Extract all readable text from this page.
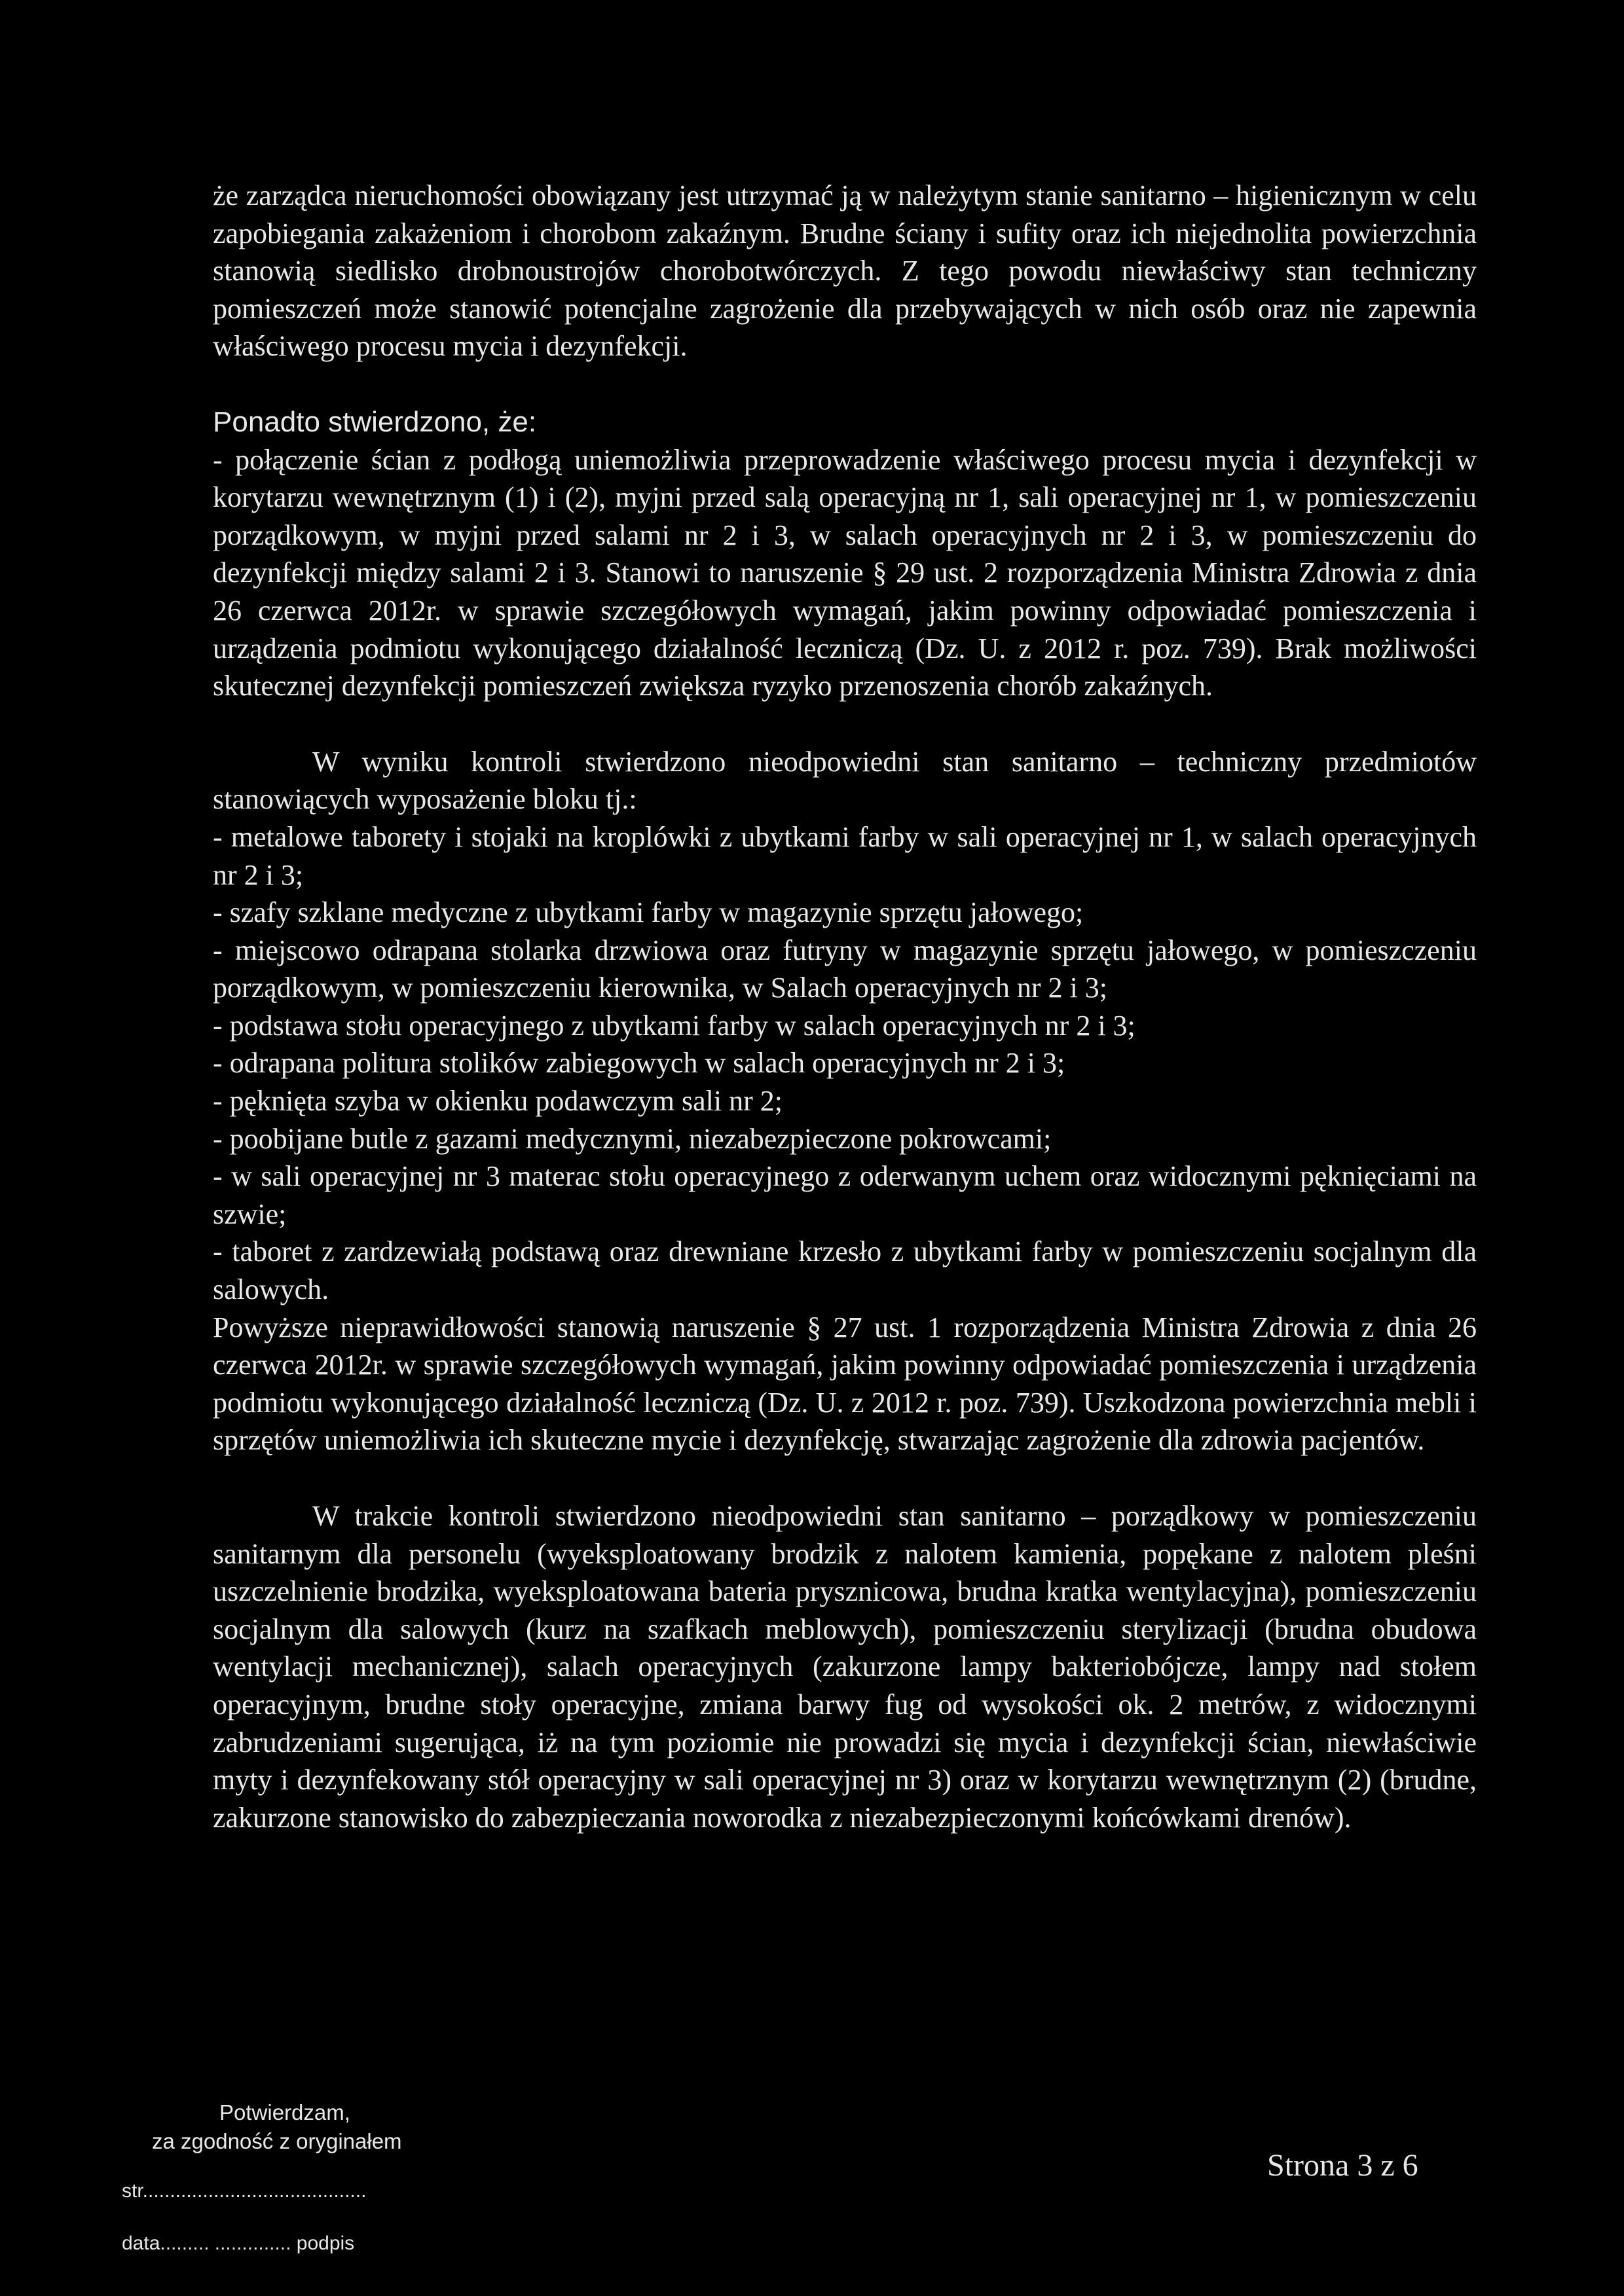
że zarządca nieruchomości obowiązany jest utrzymać ją w należytym stanie sanitarno – higienicznym w celu zapobiegania zakażeniom i chorobom zakaźnym. Brudne ściany i sufity oraz ich niejednolita powierzchnia stanowią siedlisko drobnoustrojów chorobotwórczych. Z tego powodu niewłaściwy stan techniczny pomieszczeń może stanowić potencjalne zagrożenie dla przebywających w nich osób oraz nie zapewnia właściwego procesu mycia i dezynfekcji.

Ponadto stwierdzono, że:

- połączenie ścian z podłogą uniemożliwia przeprowadzenie właściwego procesu mycia i dezynfekcji w korytarzu wewnętrznym (1) i (2), myjni przed salą operacyjną nr 1, sali operacyjnej nr 1, w pomieszczeniu porządkowym, w myjni przed salami nr 2 i 3, w salach operacyjnych nr 2 i 3, w pomieszczeniu do dezynfekcji między salami 2 i 3. Stanowi to naruszenie § 29 ust. 2 rozporządzenia Ministra Zdrowia z dnia 26 czerwca 2012r. w sprawie szczegółowych wymagań, jakim powinny odpowiadać pomieszczenia i urządzenia podmiotu wykonującego działalność leczniczą (Dz. U. z 2012 r. poz. 739). Brak możliwości skutecznej dezynfekcji pomieszczeń zwiększa ryzyko przenoszenia chorób zakaźnych.

W wyniku kontroli stwierdzono nieodpowiedni stan sanitarno – techniczny przedmiotów stanowiących wyposażenie bloku tj.:

- metalowe taborety i stojaki na kroplówki z ubytkami farby w sali operacyjnej nr 1, w salach operacyjnych nr 2 i 3;

- szafy szklane medyczne z ubytkami farby w magazynie sprzętu jałowego;

- miejscowo odrapana stolarka drzwiowa oraz futryny w magazynie sprzętu jałowego, w pomieszczeniu porządkowym, w pomieszczeniu kierownika, w Salach operacyjnych nr 2 i 3;

- podstawa stołu operacyjnego z ubytkami farby w salach operacyjnych nr 2 i 3;

- odrapana politura stolików zabiegowych w salach operacyjnych nr 2 i 3;

- pęknięta szyba w okienku podawczym sali nr 2;

- poobijane butle z gazami medycznymi, niezabezpieczone pokrowcami;

- w sali operacyjnej nr 3 materac stołu operacyjnego z oderwanym uchem oraz widocznymi pęknięciami na szwie;

- taboret z zardzewiałą podstawą oraz drewniane krzesło z ubytkami farby w pomieszczeniu socjalnym dla salowych.

Powyższe nieprawidłowości stanowią naruszenie § 27 ust. 1 rozporządzenia Ministra Zdrowia z dnia 26 czerwca 2012r. w sprawie szczegółowych wymagań, jakim powinny odpowiadać pomieszczenia i urządzenia podmiotu wykonującego działalność leczniczą (Dz. U. z 2012 r. poz. 739). Uszkodzona powierzchnia mebli i sprzętów uniemożliwia ich skuteczne mycie i dezynfekcję, stwarzając zagrożenie dla zdrowia pacjentów.

W trakcie kontroli stwierdzono nieodpowiedni stan sanitarno – porządkowy w pomieszczeniu sanitarnym dla personelu (wyeksploatowany brodzik z nalotem kamienia, popękane z nalotem pleśni uszczelnienie brodzika, wyeksploatowana bateria prysznicowa, brudna kratka wentylacyjna), pomieszczeniu socjalnym dla salowych (kurz na szafkach meblowych), pomieszczeniu sterylizacji (brudna obudowa wentylacji mechanicznej), salach operacyjnych (zakurzone lampy bakteriobójcze, lampy nad stołem operacyjnym, brudne stoły operacyjne, zmiana barwy fug od wysokości ok. 2 metrów, z widocznymi zabrudzeniami sugerująca, iż na tym poziomie nie prowadzi się mycia i dezynfekcji ścian, niewłaściwie myty i dezynfekowany stół operacyjny w sali operacyjnej nr 3) oraz w korytarzu wewnętrznym (2) (brudne, zakurzone stanowisko do zabezpieczania noworodka z niezabezpieczonymi końcówkami drenów).

Potwierdzam,
za zgodność z oryginałem
str.........................................
data......... .............. podpis
Strona 3 z 6
